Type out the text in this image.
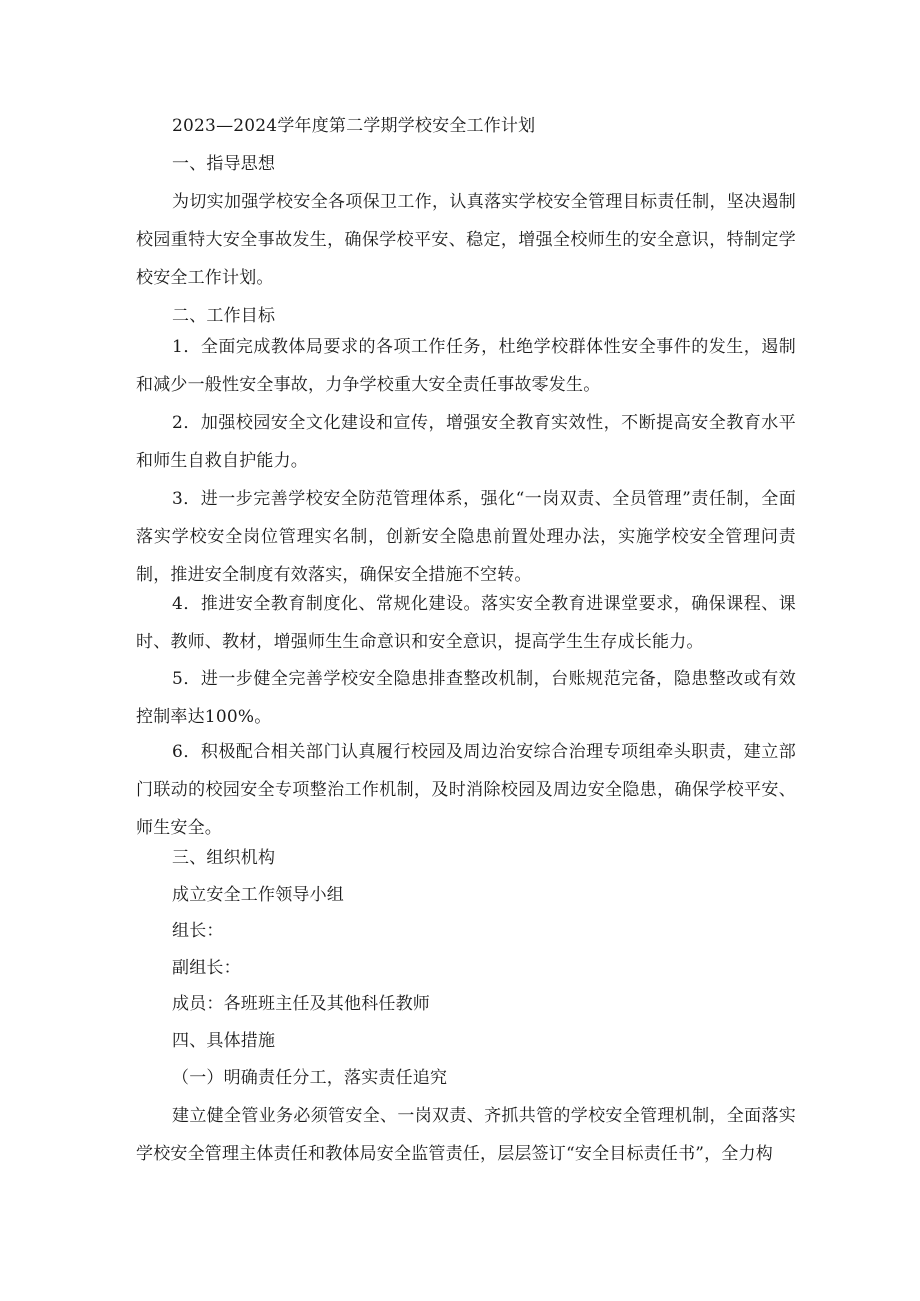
2023—2024学年度第二学期学校安全工作计划

一、指导思想

为切实加强学校安全各项保卫工作，认真落实学校安全管理目标责任制，坚决遏制校园重特大安全事故发生，确保学校平安、稳定，增强全校师生的安全意识，特制定学校安全工作计划。

二、工作目标

1．全面完成教体局要求的各项工作任务，杜绝学校群体性安全事件的发生，遏制和减少一般性安全事故，力争学校重大安全责任事故零发生。

2．加强校园安全文化建设和宣传，增强安全教育实效性，不断提高安全教育水平和师生自救自护能力。

3．进一步完善学校安全防范管理体系，强化“一岗双责、全员管理”责任制，全面落实学校安全岗位管理实名制，创新安全隐患前置处理办法，实施学校安全管理问责制，推进安全制度有效落实，确保安全措施不空转。

4．推进安全教育制度化、常规化建设。落实安全教育进课堂要求，确保课程、课时、教师、教材，增强师生生命意识和安全意识，提高学生生存成长能力。

5．进一步健全完善学校安全隐患排查整改机制，台账规范完备，隐患整改或有效控制率达100%。

6．积极配合相关部门认真履行校园及周边治安综合治理专项组牵头职责，建立部门联动的校园安全专项整治工作机制，及时消除校园及周边安全隐患，确保学校平安、师生安全。

三、组织机构

成立安全工作领导小组

组长：

副组长：

成员：各班班主任及其他科任教师

四、具体措施

（一）明确责任分工，落实责任追究

建立健全管业务必须管安全、一岗双责、齐抓共管的学校安全管理机制，全面落实学校安全管理主体责任和教体局安全监管责任，层层签订“安全目标责任书”，全力构
